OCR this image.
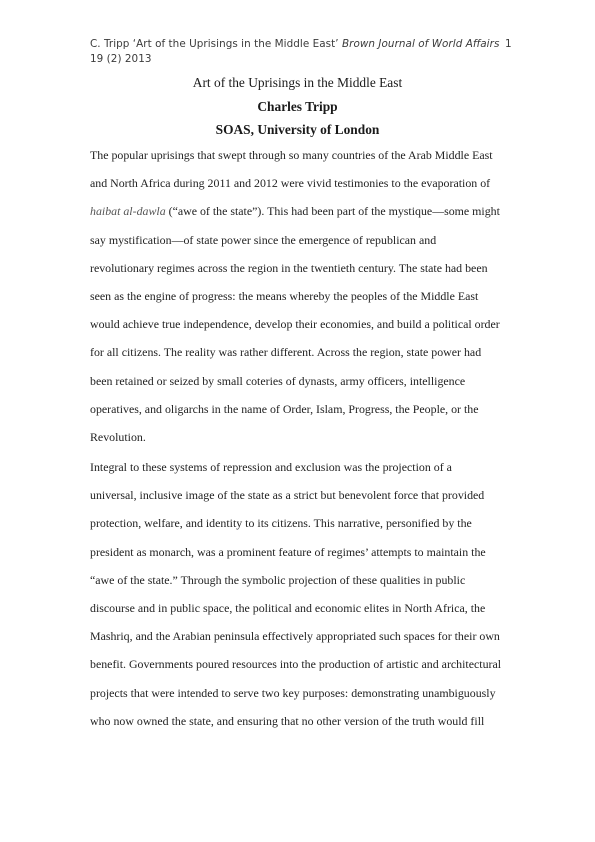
C. Tripp ‘Art of the Uprisings in the Middle East’ Brown Journal of World Affairs
19 (2) 2013
1
Art of the Uprisings in the Middle East
Charles Tripp
SOAS, University of London
The popular uprisings that swept through so many countries of the Arab Middle East
and North Africa during 2011 and 2012 were vivid testimonies to the evaporation of
haibat al-dawla (“awe of the state”). This had been part of the mystique—some might
say mystification—of state power since the emergence of republican and
revolutionary regimes across the region in the twentieth century. The state had been
seen as the engine of progress: the means whereby the peoples of the Middle East
would achieve true independence, develop their economies, and build a political order
for all citizens. The reality was rather different. Across the region, state power had
been retained or seized by small coteries of dynasts, army officers, intelligence
operatives, and oligarchs in the name of Order, Islam, Progress, the People, or the
Revolution.
Integral to these systems of repression and exclusion was the projection of a
universal, inclusive image of the state as a strict but benevolent force that provided
protection, welfare, and identity to its citizens. This narrative, personified by the
president as monarch, was a prominent feature of regimes’ attempts to maintain the
“awe of the state.” Through the symbolic projection of these qualities in public
discourse and in public space, the political and economic elites in North Africa, the
Mashriq, and the Arabian peninsula effectively appropriated such spaces for their own
benefit. Governments poured resources into the production of artistic and architectural
projects that were intended to serve two key purposes: demonstrating unambiguously
who now owned the state, and ensuring that no other version of the truth would fill
